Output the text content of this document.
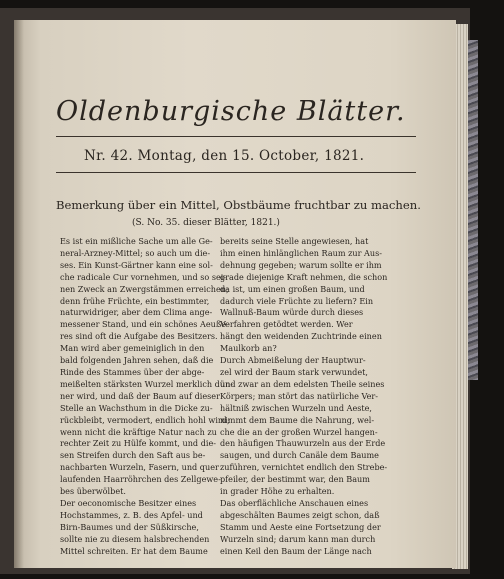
Oldenburgische Blätter.
Nr. 42. Montag, den 15. October, 1821.
Bemerkung über ein Mittel, Obstbäume fruchtbar zu machen.
(S. No. 35. dieser Blätter, 1821.)
Es ist ein mißliche Sache um alle Ge-
neral-Arzney-Mittel; so auch um die-
ses. Ein Kunst-Gärtner kann eine sol-
che radicale Cur vornehmen, und so sei-
nen Zweck an Zwergstämmen erreichen;
denn frühe Früchte, ein bestimmter,
naturwidriger, aber dem Clima ange-
messener Stand, und ein schönes Aeuße-
res sind oft die Aufgabe des Besitzers.
Man wird aber gemeiniglich in den
bald folgenden Jahren sehen, daß die
Rinde des Stammes über der abge-
meißelten stärksten Wurzel merklich dün-
ner wird, und daß der Baum auf dieser
Stelle an Wachsthum in die Dicke zu-
rückbleibt, vermodert, endlich hohl wird;
wenn nicht die kräftige Natur nach zu
rechter Zeit zu Hülfe kommt, und die-
sen Streifen durch den Saft aus be-
nachbarten Wurzeln, Fasern, und quer
laufenden Haarröhrchen des Zellgewe-
bes überwölbet.
Der oeconomische Besitzer eines
Hochstammes, z. B. des Apfel- und
Birn-Baumes und der Süßkirsche,
sollte nie zu diesem halsbrechenden
Mittel schreiten. Er hat dem Baume
bereits seine Stelle angewiesen, hat
ihm einen hinlänglichen Raum zur Aus-
dehnung gegeben; warum sollte er ihm
grade diejenige Kraft nehmen, die schon
da ist, um einen großen Baum, und
dadurch viele Früchte zu liefern? Ein
Wallnuß-Baum würde durch dieses
Verfahren getödtet werden. Wer
hängt den weidenden Zuchtrinde einen
Maulkorb an?
Durch Abmeißelung der Hauptwur-
zel wird der Baum stark verwundet,
und zwar an dem edelsten Theile seines
Körpers; man stört das natürliche Ver-
hältniß zwischen Wurzeln und Aeste,
nimmt dem Baume die Nahrung, wel-
che die an der großen Wurzel hangen-
den häufigen Thauwurzeln aus der Erde
saugen, und durch Canäle dem Baume
zuführen, vernichtet endlich den Strebe-
pfeiler, der bestimmt war, den Baum
in grader Höhe zu erhalten.
Das oberflächliche Anschauen eines
abgeschälten Baumes zeigt schon, daß
Stamm und Aeste eine Fortsetzung der
Wurzeln sind; darum kann man durch
einen Keil den Baum der Länge nach
